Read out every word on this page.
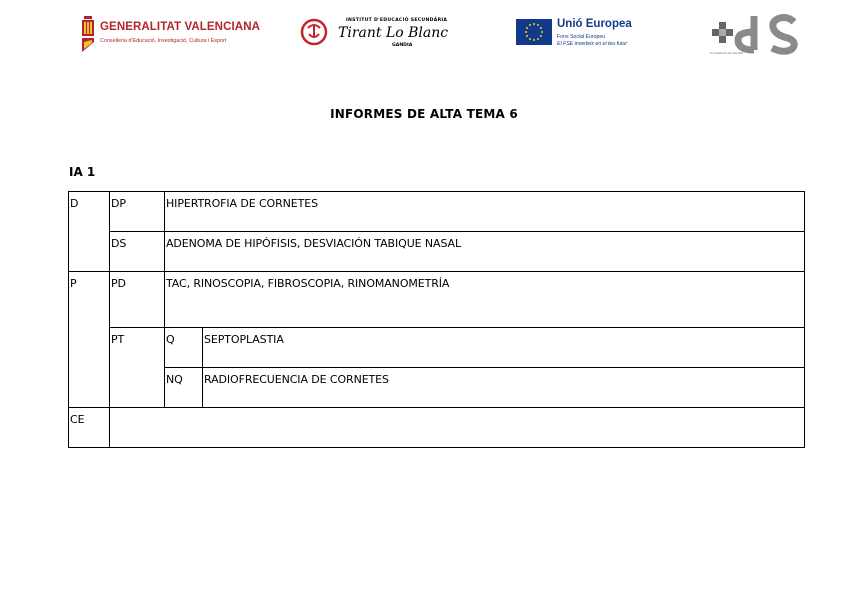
GENERALITAT VALENCIANA
Conselleria d'Educació, Investigació, Cultura i Esport
INSTITUT D'EDUCACIÓ SECUNDÀRIA
Tirant Lo Blanc
GANDIA
Unió Europea
Fons Social Europeu
El FSE inverteix en el teu futur
Conselleria de Sanitat
INFORMES DE ALTA TEMA 6
IA 1
D	DP	HIPERTROFIA DE CORNETES	
	DS	ADENOMA DE HIPÓFISIS, DESVIACIÓN TABIQUE NASAL	
P	PD	TAC, RINOSCOPIA, FIBROSCOPIA, RINOMANOMETRÍA	
	PT	Q	SEPTOPLASTIA
		NQ	RADIOFRECUENCIA DE CORNETES
CE			
